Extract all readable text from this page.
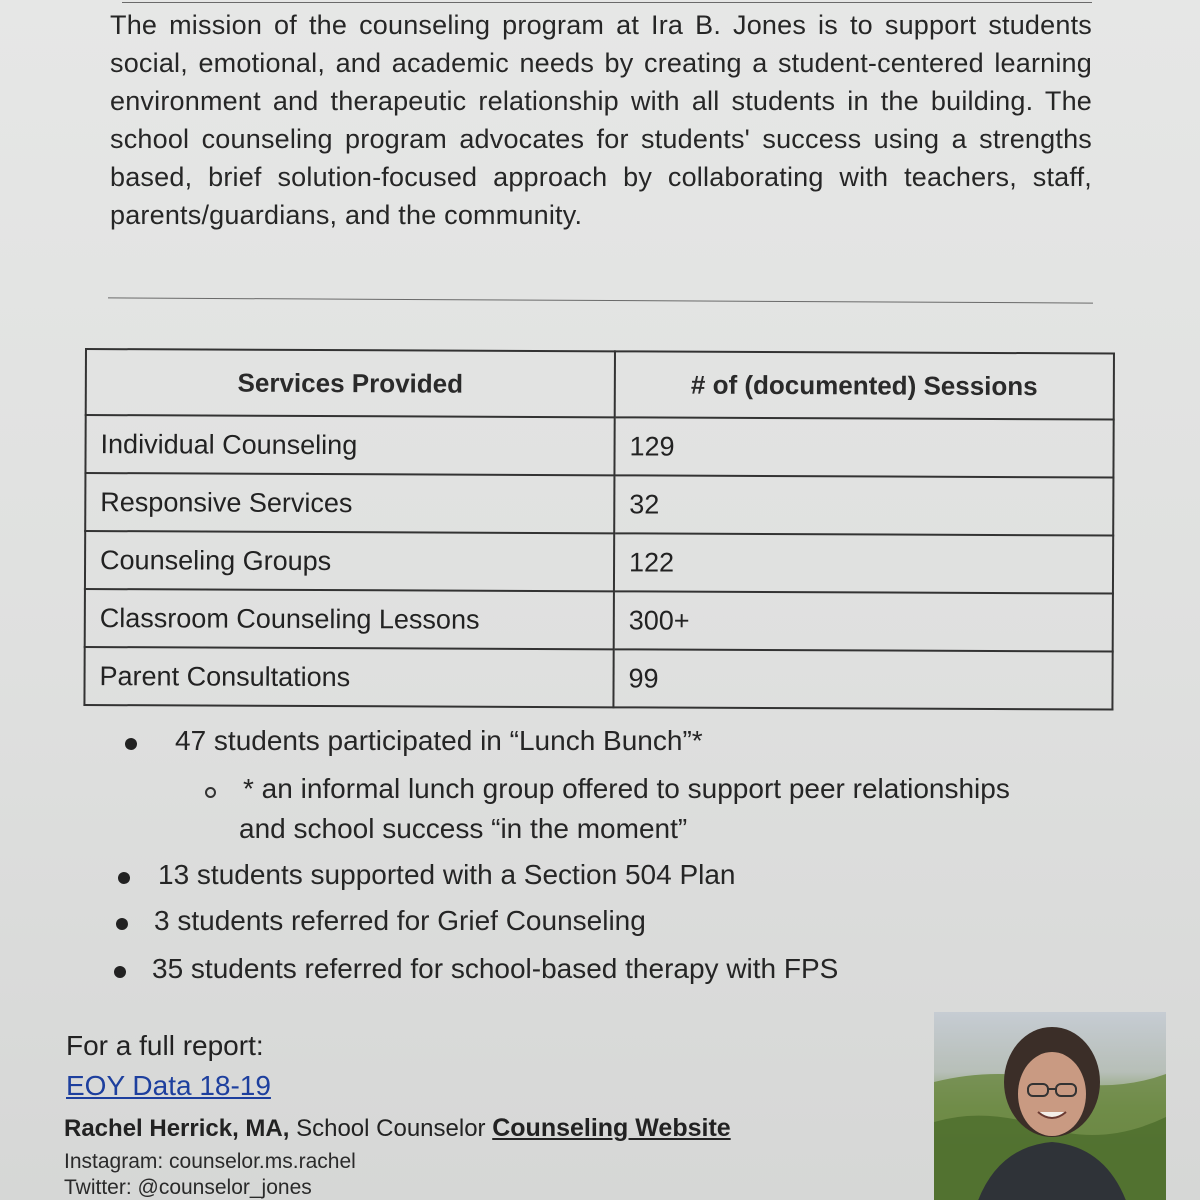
The mission of the counseling program at Ira B. Jones is to support students social, emotional, and academic needs by creating a student-centered learning environment and therapeutic relationship with all students in the building. The school counseling program advocates for students' success using a strengths based, brief solution-focused approach by collaborating with teachers, staff, parents/guardians, and the community.

Services Provided	# of (documented) Sessions
Individual Counseling	129
Responsive Services	32
Counseling Groups	122
Classroom Counseling Lessons	300+
Parent Consultations	99
47 students participated in “Lunch Bunch”*
* an informal lunch group offered to support peer relationships
and school success “in the moment”
13 students supported with a Section 504 Plan
3 students referred for Grief Counseling
35 students referred for school-based therapy with FPS
For a full report:
EOY Data 18-19
Rachel Herrick, MA, School Counselor Counseling Website
Instagram: counselor.ms.rachel
Twitter: @counselor_jones
